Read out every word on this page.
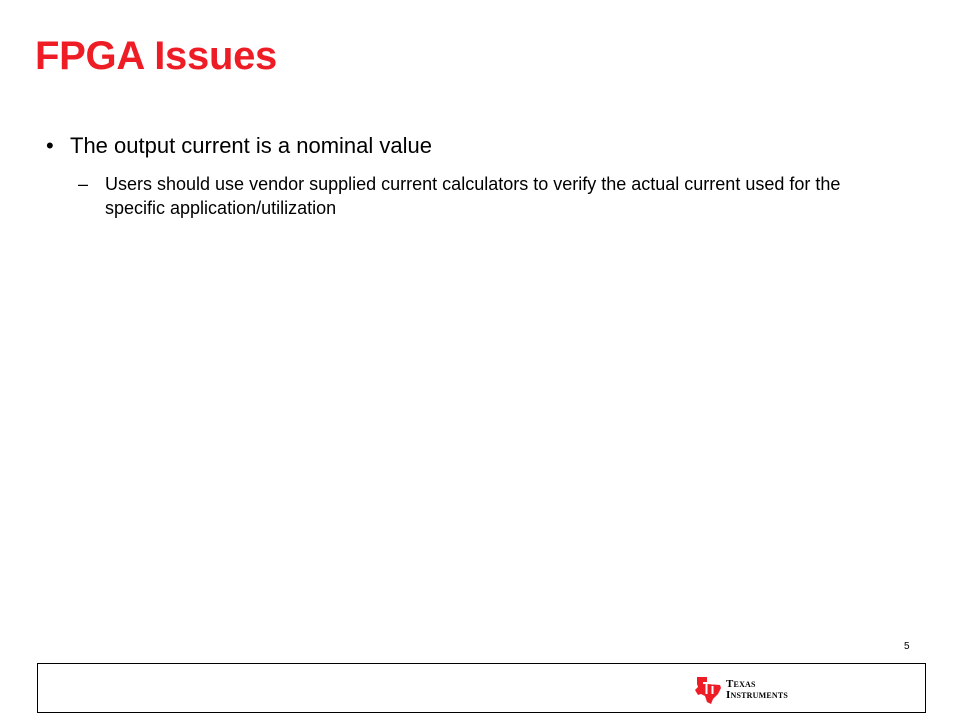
FPGA Issues
• The output current is a nominal value
– Users should use vendor supplied current calculators to verify the actual current used for the specific application/utilization
5
Texas
Instruments
